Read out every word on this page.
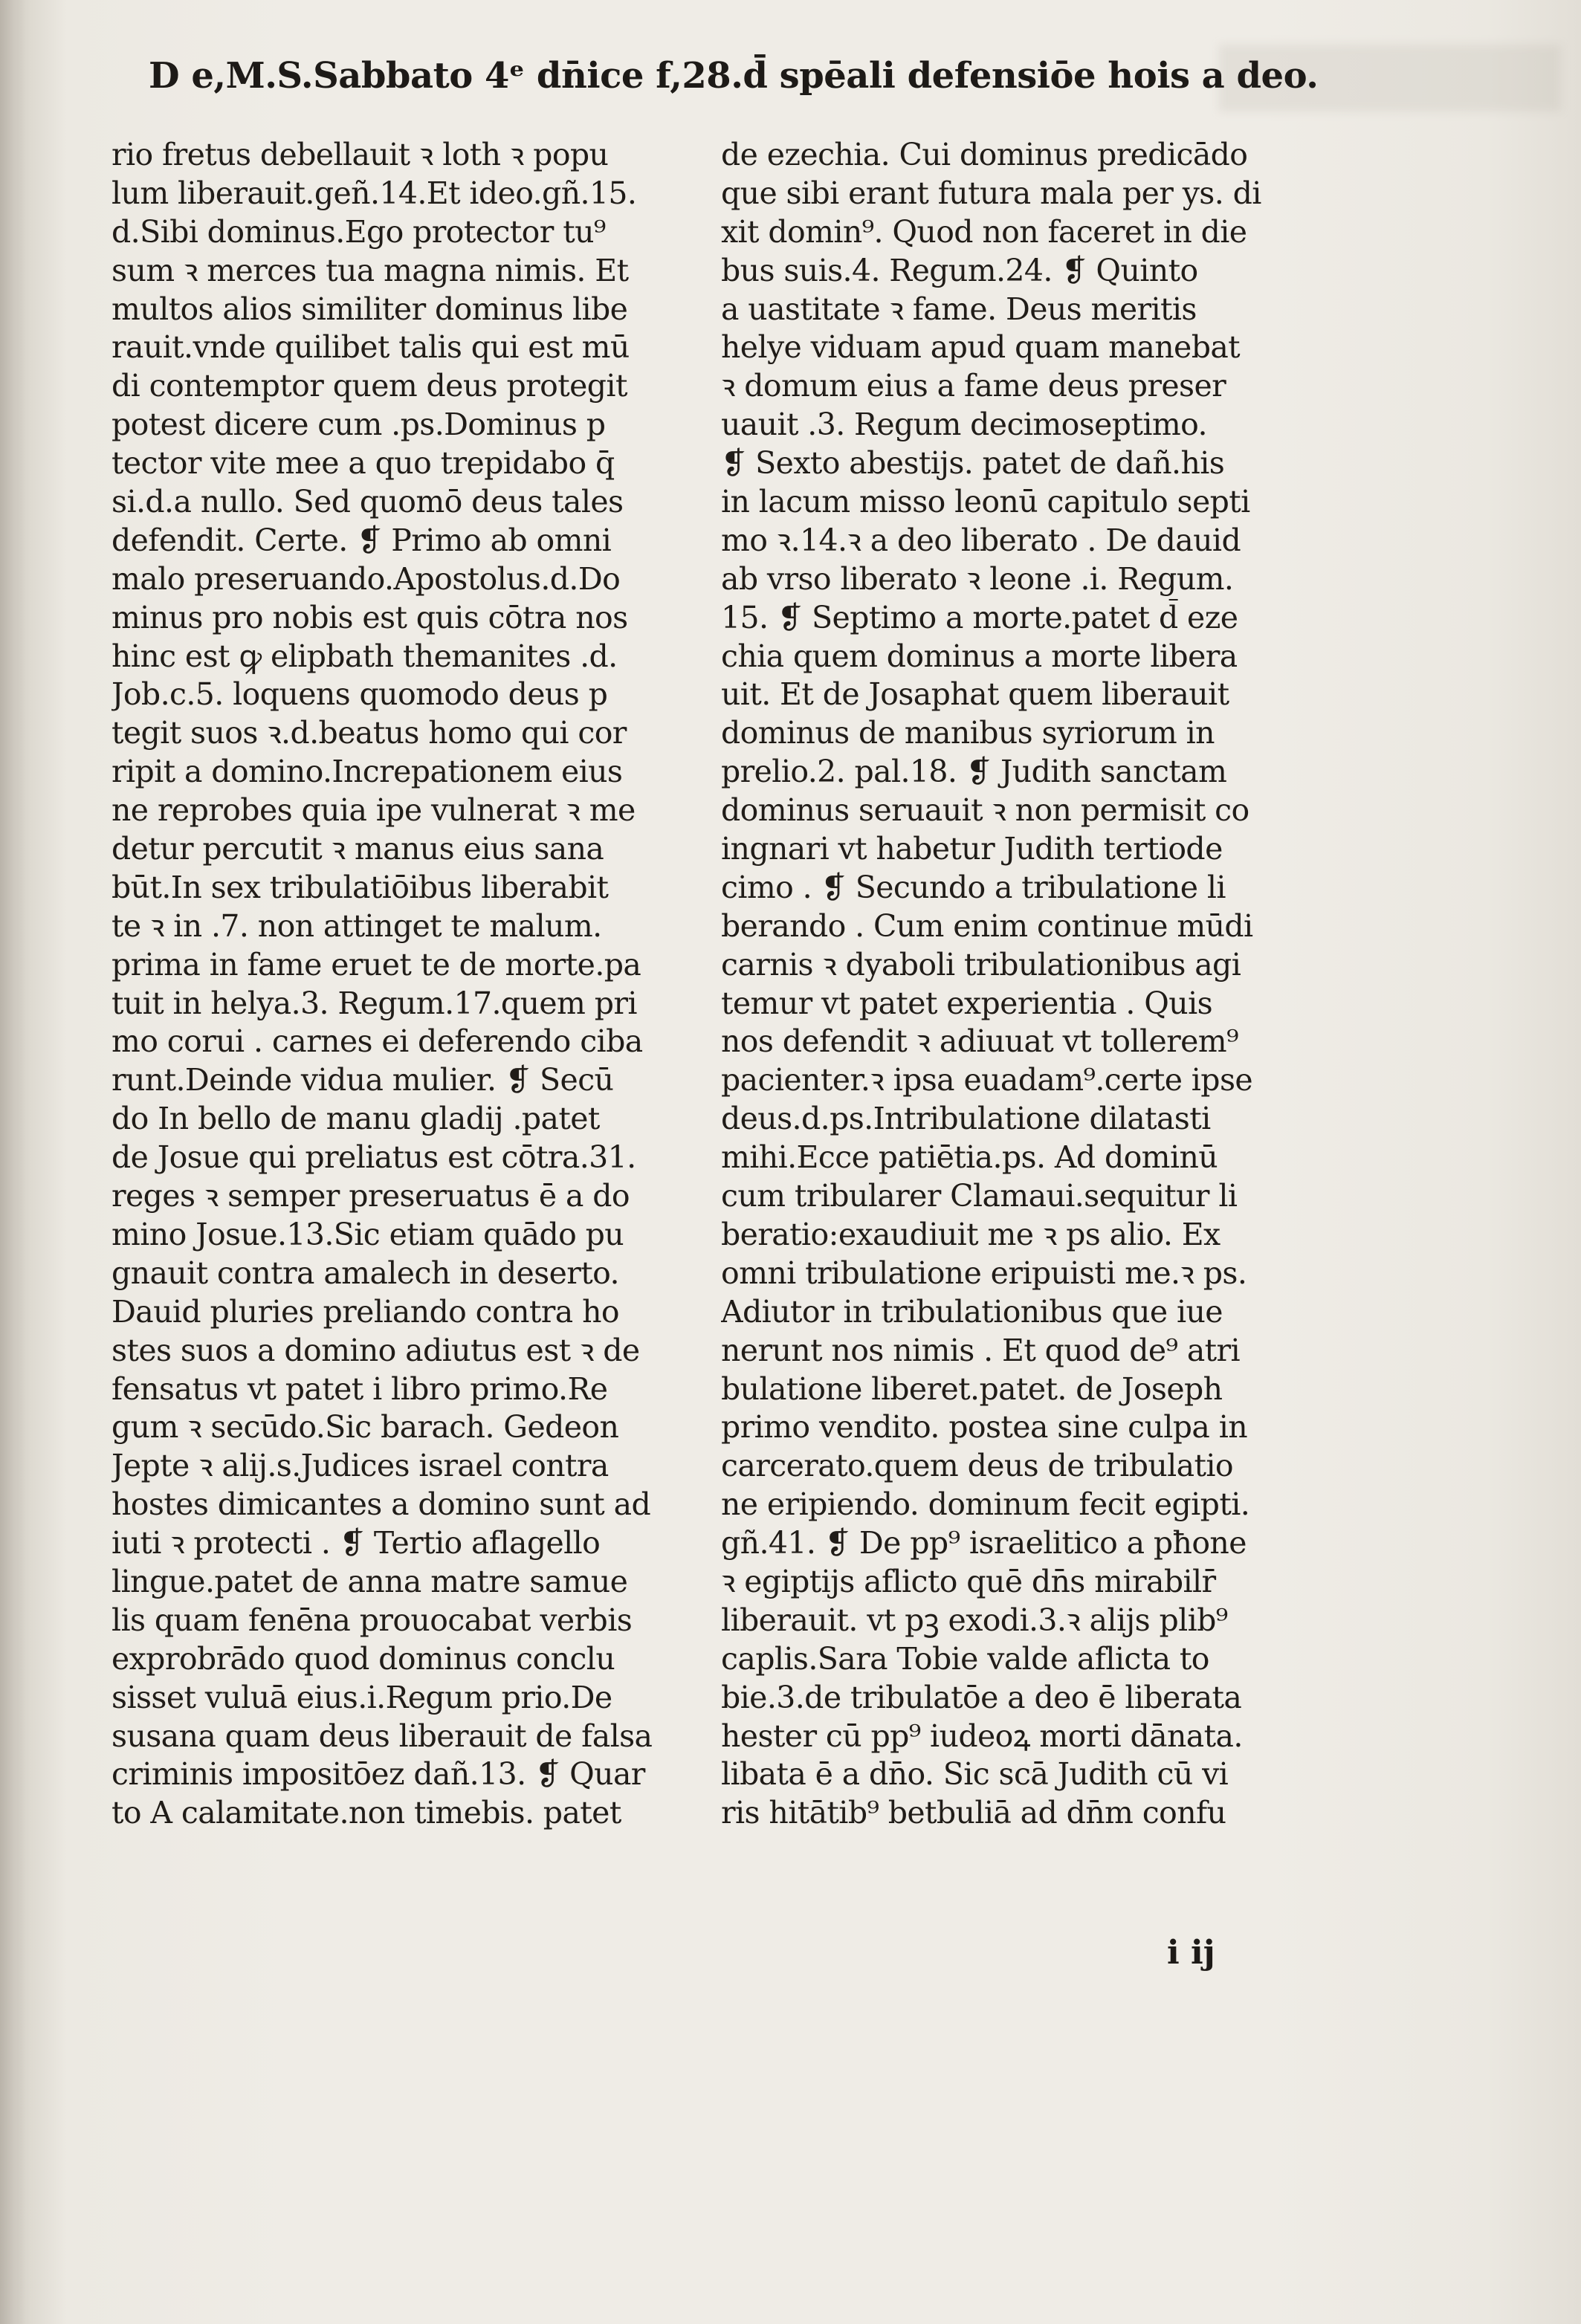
D e,M.S.Sabbato 4ᵉ dn̄ice f,28.d̄ spēali defensiōe hois a deo.
rio fretus debellauit ꝛ loth ꝛ popu
lum liberauit.geñ.14.Et ideo.gñ.15.
d.Sibi dominus.Ego protector tu⁹
sum ꝛ merces tua magna nimis. Et
multos alios similiter dominus libe
rauit.vnde quilibet talis qui est mū
di contemptor quem deus protegit
potest dicere cum .ps.Dominus p
tector vite mee a quo trepidabo q̄
si.d.a nullo. Sed quomō deus tales
defendit. Certe. ❡ Primo ab omni
malo preseruando.Apostolus.d.Do
minus pro nobis est quis cōtra nos
hinc est ꝙ elipbath themanites .d.
Job.c.5. loquens quomodo deus p
tegit suos ꝛ.d.beatus homo qui cor
ripit a domino.Increpationem eius
ne reprobes quia ipe vulnerat ꝛ me
detur percutit ꝛ manus eius sana
būt.In sex tribulatiōibus liberabit
te ꝛ in .7. non attinget te malum.
prima in fame eruet te de morte.pa
tuit in helya.3. Regum.17.quem pri
mo corui . carnes ei deferendo ciba
runt.Deinde vidua mulier. ❡ Secū
do In bello de manu gladij .patet
de Josue qui preliatus est cōtra.31.
reges ꝛ semper preseruatus ē a do
mino Josue.13.Sic etiam quādo pu
gnauit contra amalech in deserto.
Dauid pluries preliando contra ho
stes suos a domino adiutus est ꝛ de
fensatus vt patet i libro primo.Re
gum ꝛ secūdo.Sic barach. Gedeon
Jepte ꝛ alij.s.Judices israel contra
hostes dimicantes a domino sunt ad
iuti ꝛ protecti . ❡ Tertio aflagello
lingue.patet de anna matre samue
lis quam fenēna prouocabat verbis
exprobrādo quod dominus conclu
sisset vuluā eius.i.Regum prio.De
susana quam deus liberauit de falsa
criminis impositōez dañ.13. ❡ Quar
to A calamitate.non timebis. patet
de ezechia. Cui dominus predicādo
que sibi erant futura mala per ys. di
xit domin⁹. Quod non faceret in die
bus suis.4. Regum.24. ❡ Quinto
a uastitate ꝛ fame. Deus meritis
helye viduam apud quam manebat
ꝛ domum eius a fame deus preser
uauit .3. Regum decimoseptimo.
❡ Sexto abestijs. patet de dañ.his
in lacum misso leonū capitulo septi
mo ꝛ.14.ꝛ a deo liberato . De dauid
ab vrso liberato ꝛ leone .i. Regum.
15. ❡ Septimo a morte.patet d̄ eze
chia quem dominus a morte libera
uit. Et de Josaphat quem liberauit
dominus de manibus syriorum in
prelio.2. pal.18. ❡ Judith sanctam
dominus seruauit ꝛ non permisit co
ingnari vt habetur Judith tertiode
cimo . ❡ Secundo a tribulatione li
berando . Cum enim continue mūdi
carnis ꝛ dyaboli tribulationibus agi
temur vt patet experientia . Quis
nos defendit ꝛ adiuuat vt tollerem⁹
pacienter.ꝛ ipsa euadam⁹.certe ipse
deus.d.ps.Intribulatione dilatasti
mihi.Ecce patiētia.ps. Ad dominū
cum tribularer Clamaui.sequitur li
beratio:exaudiuit me ꝛ ps alio. Ex
omni tribulatione eripuisti me.ꝛ ps.
Adiutor in tribulationibus que iue
nerunt nos nimis . Et quod de⁹ atri
bulatione liberet.patet. de Joseph
primo vendito. postea sine culpa in
carcerato.quem deus de tribulatio
ne eripiendo. dominum fecit egipti.
gñ.41. ❡ De pp⁹ israelitico a pħone
ꝛ egiptijs aflicto quē dn̄s mirabilr̄
liberauit. vt pꝫ exodi.3.ꝛ alijs plib⁹
caplis.Sara Tobie valde aflicta to
bie.3.de tribulatōe a deo ē liberata
hester cū pp⁹ iudeoꝝ morti dānata.
libata ē a dn̄o. Sic scā Judith cū vi
ris hitātib⁹ betbuliā ad dn̄m confu
i ij
